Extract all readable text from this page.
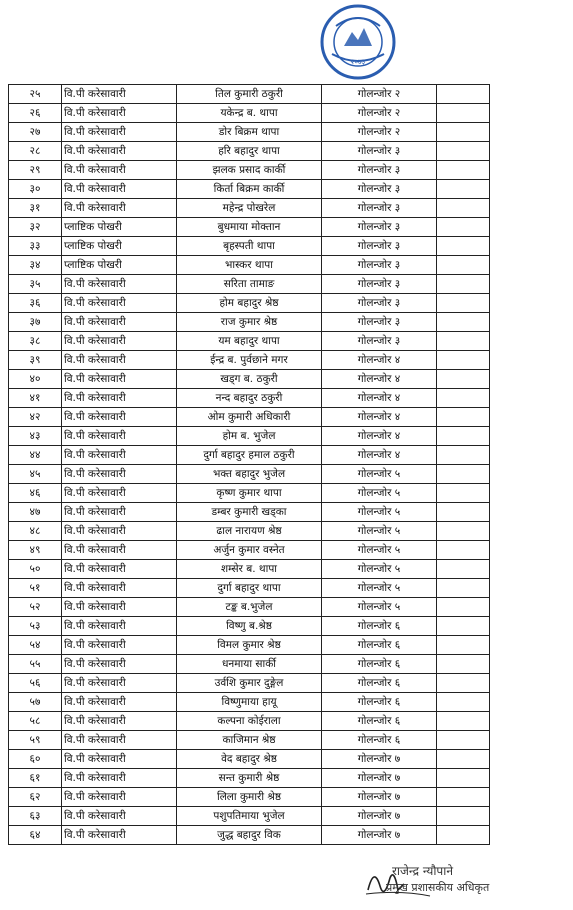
२०७३
२५	वि.पी करेसावारी	तिल कुमारी ठकुरी	गोलन्जोर २	
२६	वि.पी करेसावारी	यकेन्द्र ब. थापा	गोलन्जोर २	
२७	वि.पी करेसावारी	डोर बिक्रम थापा	गोलन्जोर २	
२८	वि.पी करेसावारी	हरि बहादुर थापा	गोलन्जोर ३	
२९	वि.पी करेसावारी	झलक प्रसाद कार्की	गोलन्जोर ३	
३०	वि.पी करेसावारी	किर्ता बिक्रम कार्की	गोलन्जोर ३	
३१	वि.पी करेसावारी	महेन्द्र पोखरेल	गोलन्जोर ३	
३२	प्लाष्टिक पोखरी	बुधमाया मोक्तान	गोलन्जोर ३	
३३	प्लाष्टिक पोखरी	बृहस्पती थापा	गोलन्जोर ३	
३४	प्लाष्टिक पोखरी	भास्कर थापा	गोलन्जोर ३	
३५	वि.पी करेसावारी	सरिता तामाङ	गोलन्जोर ३	
३६	वि.पी करेसावारी	होम बहादुर श्रेष्ठ	गोलन्जोर ३	
३७	वि.पी करेसावारी	राज कुमार श्रेष्ठ	गोलन्जोर ३	
३८	वि.पी करेसावारी	यम बहादुर थापा	गोलन्जोर ३	
३९	वि.पी करेसावारी	ईन्द्र ब. पुर्वछाने मगर	गोलन्जोर ४	
४०	वि.पी करेसावारी	खड्ग ब. ठकुरी	गोलन्जोर ४	
४१	वि.पी करेसावारी	नन्द बहादुर ठकुरी	गोलन्जोर ४	
४२	वि.पी करेसावारी	ओम कुमारी अधिकारी	गोलन्जोर ४	
४३	वि.पी करेसावारी	होम ब. भुजेल	गोलन्जोर ४	
४४	वि.पी करेसावारी	दुर्गा बहादुर हमाल ठकुरी	गोलन्जोर ४	
४५	वि.पी करेसावारी	भक्त बहादुर भुजेल	गोलन्जोर ५	
४६	वि.पी करेसावारी	कृष्ण कुमार थापा	गोलन्जोर ५	
४७	वि.पी करेसावारी	डम्बर कुमारी खड्का	गोलन्जोर ५	
४८	वि.पी करेसावारी	ढाल नारायण श्रेष्ठ	गोलन्जोर ५	
४९	वि.पी करेसावारी	अर्जुन कुमार वस्नेत	गोलन्जोर ५	
५०	वि.पी करेसावारी	शम्सेर ब. थापा	गोलन्जोर ५	
५१	वि.पी करेसावारी	दुर्गा बहादुर थापा	गोलन्जोर ५	
५२	वि.पी करेसावारी	टङ्क ब.भुजेल	गोलन्जोर ५	
५३	वि.पी करेसावारी	विष्णु ब.श्रेष्ठ	गोलन्जोर ६	
५४	वि.पी करेसावारी	विमल कुमार श्रेष्ठ	गोलन्जोर ६	
५५	वि.पी करेसावारी	धनमाया सार्की	गोलन्जोर ६	
५६	वि.पी करेसावारी	उर्वशि कुमार दुङ्गेल	गोलन्जोर ६	
५७	वि.पी करेसावारी	विष्णुमाया हायू	गोलन्जोर ६	
५८	वि.पी करेसावारी	कल्पना कोईराला	गोलन्जोर ६	
५९	वि.पी करेसावारी	काजिमान श्रेष्ठ	गोलन्जोर ६	
६०	वि.पी करेसावारी	वेद बहादुर श्रेष्ठ	गोलन्जोर ७	
६१	वि.पी करेसावारी	सन्त कुमारी श्रेष्ठ	गोलन्जोर ७	
६२	वि.पी करेसावारी	लिला कुमारी श्रेष्ठ	गोलन्जोर ७	
६३	वि.पी करेसावारी	पशुपतिमाया भुजेल	गोलन्जोर ७	
६४	वि.पी करेसावारी	जुद्ध बहादुर विक	गोलन्जोर ७	
राजेन्द्र न्यौपाने
प्रमुख प्रशासकीय अधिकृत
